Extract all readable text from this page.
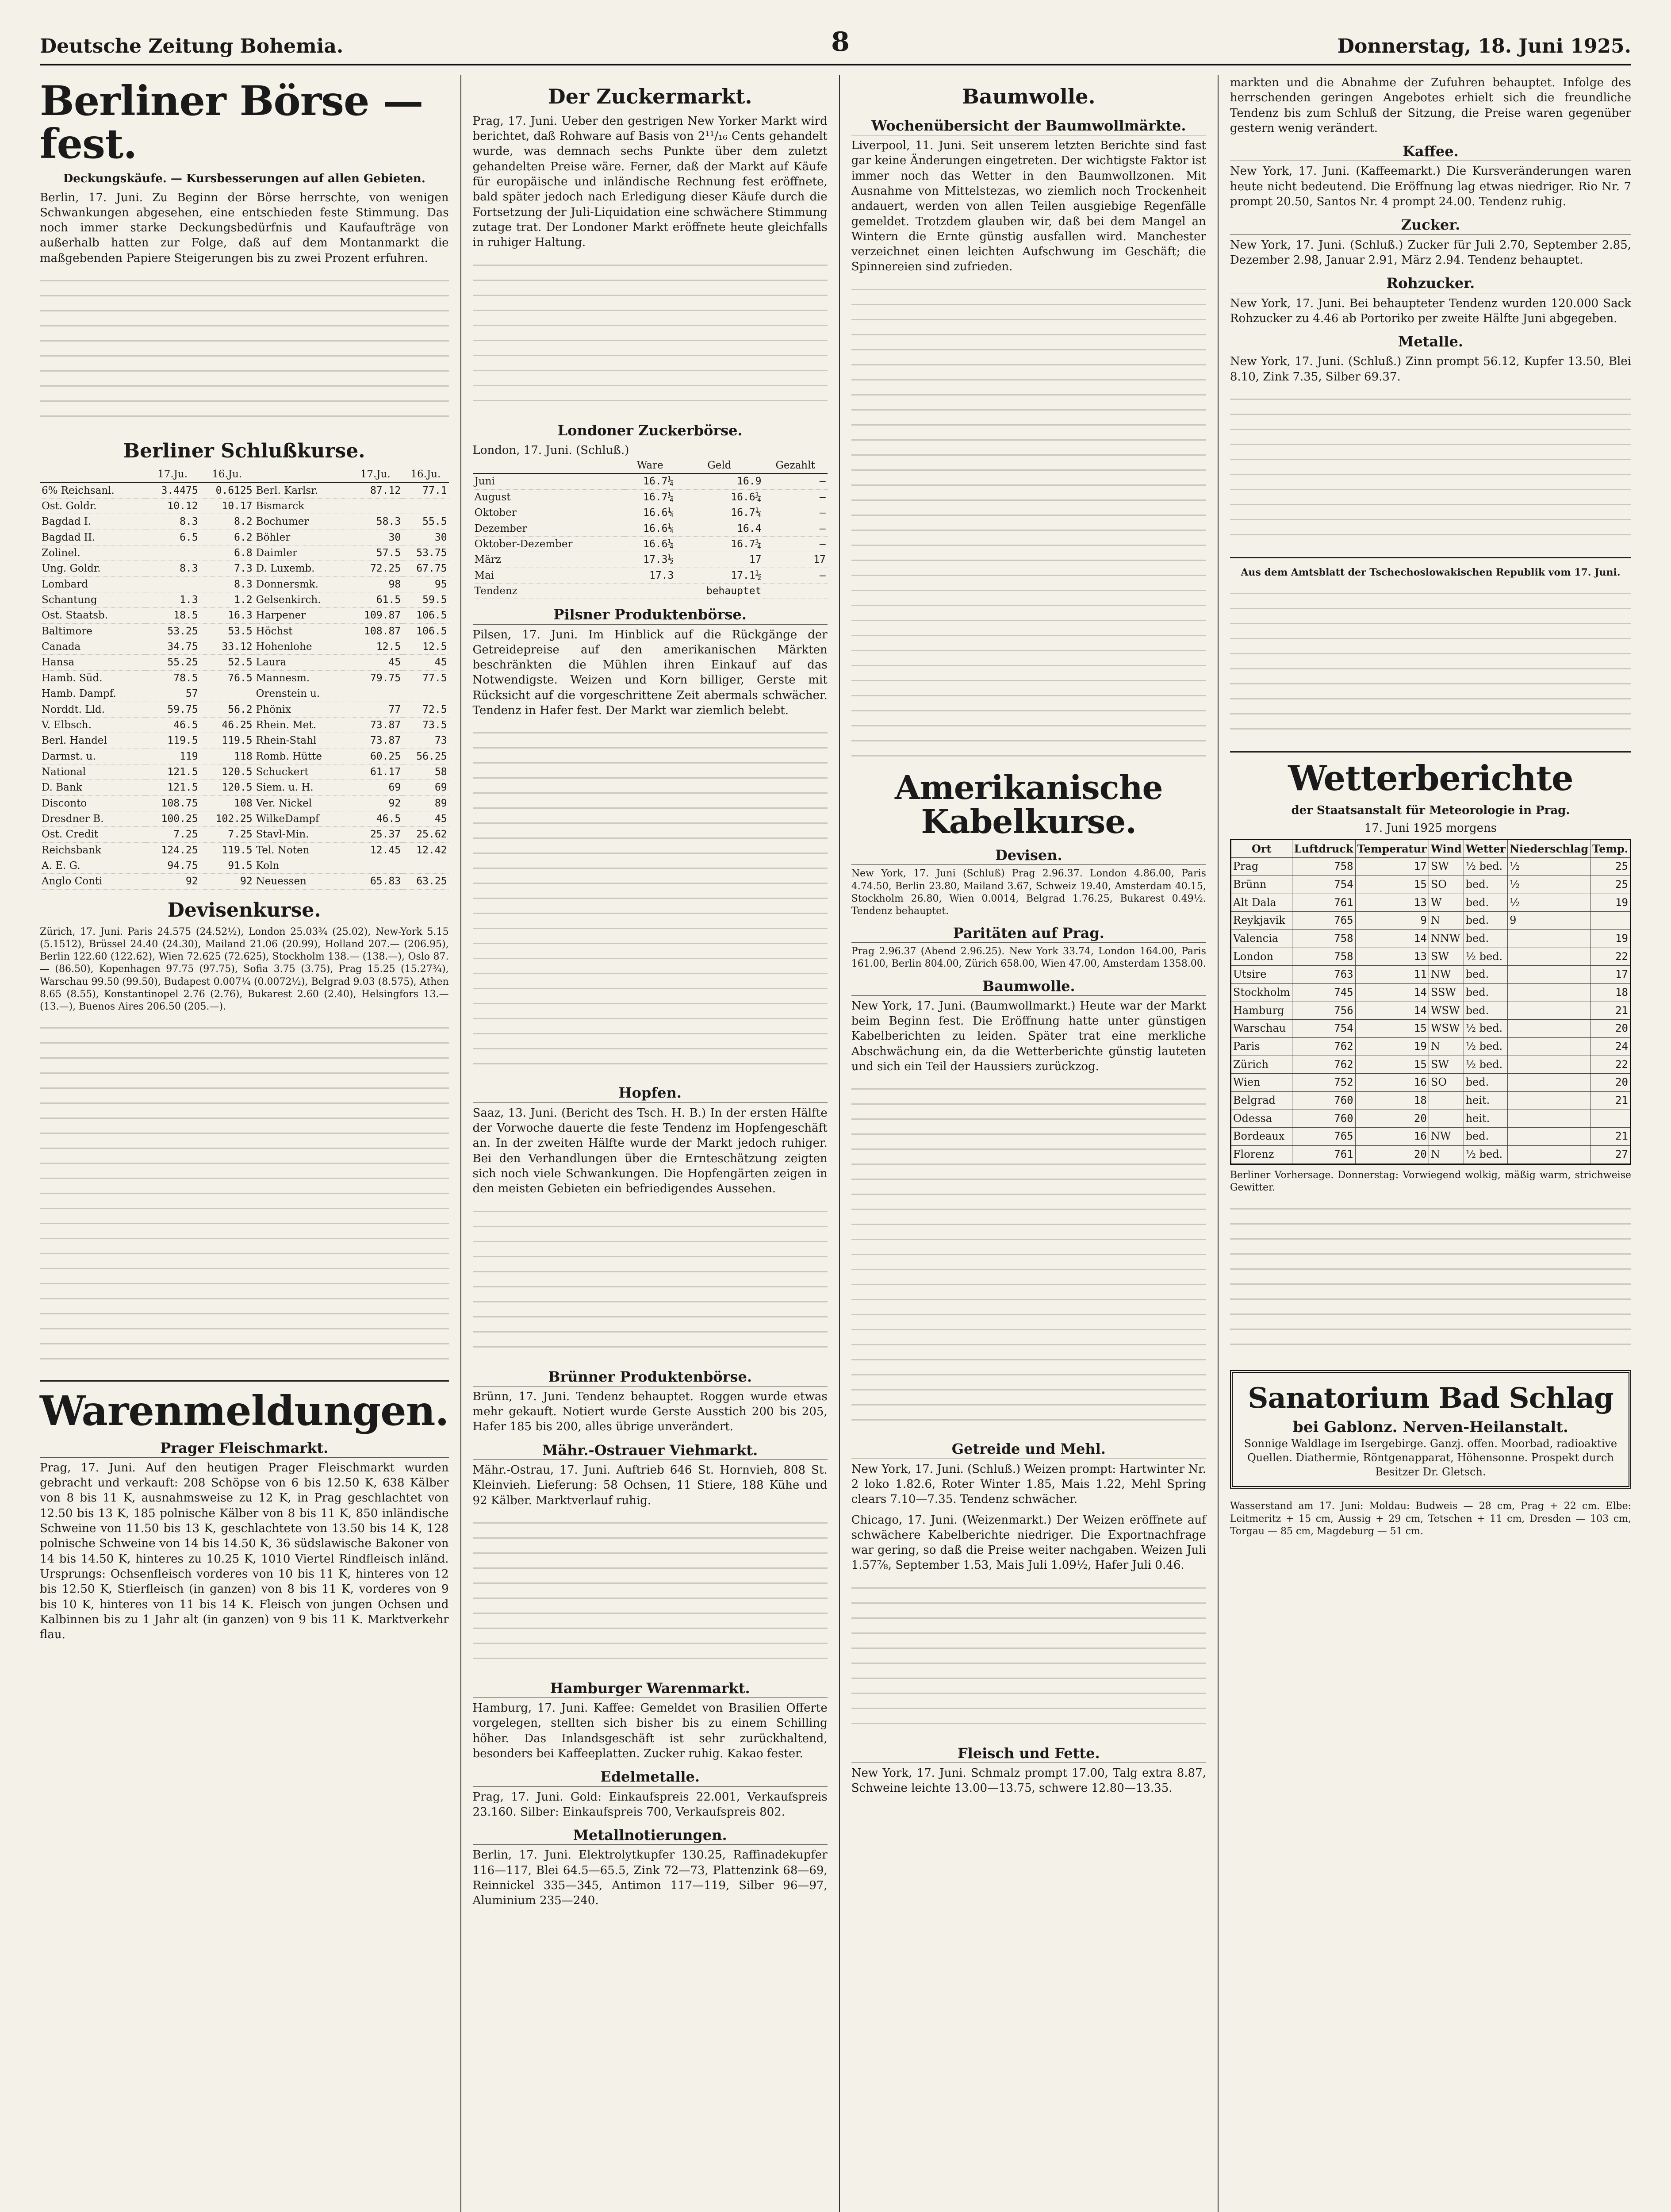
Deutsche Zeitung Bohemia.	8	Donnerstag, 18. Juni 1925.
Berliner Börse — fest.
Deckungskäufe. — Kursbesserungen auf allen Gebieten.

Berlin, 17. Juni. Zu Beginn der Börse herrschte, von wenigen Schwankungen abgesehen, eine entschieden feste Stimmung. Das noch immer starke Deckungsbedürfnis und Kaufaufträge von außerhalb hatten zur Folge, daß auf dem Montanmarkt die maßgebenden Papiere Steigerungen bis zu zwei Prozent erfuhren.

Berliner Schlußkurse.
	17.Ju.	16.Ju.		17.Ju.	16.Ju.
6% Reichsanl.	3.4475	0.6125	Berl. Karlsr.	87.12	77.1
Ost. Goldr.	10.12	10.17	Bismarck		
Bagdad I.	8.3	8.2	Bochumer	58.3	55.5
Bagdad II.	6.5	6.2	Böhler	30	30
Zolinel.		6.8	Daimler	57.5	53.75
Ung. Goldr.	8.3	7.3	D. Luxemb.	72.25	67.75
Lombard		8.3	Donnersmk.	98	95
Schantung	1.3	1.2	Gelsenkirch.	61.5	59.5
Ost. Staatsb.	18.5	16.3	Harpener	109.87	106.5
Baltimore	53.25	53.5	Höchst	108.87	106.5
Canada	34.75	33.12	Hohenlohe	12.5	12.5
Hansa	55.25	52.5	Laura	45	45
Hamb. Süd.	78.5	76.5	Mannesm.	79.75	77.5
Hamb. Dampf.	57		Orenstein u.		
Norddt. Lld.	59.75	56.2	Phönix	77	72.5
V. Elbsch.	46.5	46.25	Rhein. Met.	73.87	73.5
Berl. Handel	119.5	119.5	Rhein-Stahl	73.87	73
Darmst. u.	119	118	Romb. Hütte	60.25	56.25
National	121.5	120.5	Schuckert	61.17	58
D. Bank	121.5	120.5	Siem. u. H.	69	69
Discontо	108.75	108	Ver. Nickel	92	89
Dresdner B.	100.25	102.25	WilkeDampf	46.5	45
Ost. Credit	7.25	7.25	Stavl-Min.	25.37	25.62
Reichsbank	124.25	119.5	Tel. Noten	12.45	12.42
A. E. G.	94.75	91.5	Koln		
Anglo Conti	92	92	Neuessen	65.83	63.25
Devisenkurse.

Zürich, 17. Juni. Paris 24.575 (24.52½), London 25.03¾ (25.02), New-York 5.15 (5.1512), Brüssel 24.40 (24.30), Mailand 21.06 (20.99), Holland 207.— (206.95), Berlin 122.60 (122.62), Wien 72.625 (72.625), Stockholm 138.— (138.—), Oslo 87.— (86.50), Kopenhagen 97.75 (97.75), Sofia 3.75 (3.75), Prag 15.25 (15.27¾), Warschau 99.50 (99.50), Budapest 0.007¼ (0.0072½), Belgrad 9.03 (8.575), Athen 8.65 (8.55), Konstantinopel 2.76 (2.76), Bukarest 2.60 (2.40), Helsingfors 13.— (13.—), Buenos Aires 206.50 (205.—).

Warenmeldungen.
Prager Fleischmarkt.

Prag, 17. Juni. Auf den heutigen Prager Fleischmarkt wurden gebracht und verkauft: 208 Schöpse von 6 bis 12.50 K, 638 Kälber von 8 bis 11 K, ausnahmsweise zu 12 K, in Prag geschlachtet von 12.50 bis 13 K, 185 polnische Kälber von 8 bis 11 K, 850 inländische Schweine von 11.50 bis 13 K, geschlachtete von 13.50 bis 14 K, 128 polnische Schweine von 14 bis 14.50 K, 36 südslawische Bakoner von 14 bis 14.50 K, hinteres zu 10.25 K, 1010 Viertel Rindfleisch inländ. Ursprungs: Ochsenfleisch vorderes von 10 bis 11 K, hinteres von 12 bis 12.50 K, Stierfleisch (in ganzen) von 8 bis 11 K, vorderes von 9 bis 10 K, hinteres von 11 bis 14 K. Fleisch von jungen Ochsen und Kalbinnen bis zu 1 Jahr alt (in ganzen) von 9 bis 11 K. Marktverkehr flau.

Der Zuckermarkt.

Prag, 17. Juni. Ueber den gestrigen New Yorker Markt wird berichtet, daß Rohware auf Basis von 2¹¹/₁₆ Cents gehandelt wurde, was demnach sechs Punkte über dem zuletzt gehandelten Preise wäre. Ferner, daß der Markt auf Käufe für europäische und inländische Rechnung fest eröffnete, bald später jedoch nach Erledigung dieser Käufe durch die Fortsetzung der Juli-Liquidation eine schwächere Stimmung zutage trat. Der Londoner Markt eröffnete heute gleichfalls in ruhiger Haltung.

Londoner Zuckerbörse.
London, 17. Juni. (Schluß.)
	Ware	Geld	Gezahlt
Juni	16.7¼	16.9	—
August	16.7¼	16.6¼	—
Oktober	16.6¼	16.7¼	—
Dezember	16.6¼	16.4	—
Oktober-Dezember	16.6¼	16.7¼	—
März	17.3½	17	17
Mai	17.3	17.1½	—
Tendenz		behauptet	
Pilsner Produktenbörse.

Pilsen, 17. Juni. Im Hinblick auf die Rückgänge der Getreidepreise auf den amerikanischen Märkten beschränkten die Mühlen ihren Einkauf auf das Notwendigste. Weizen und Korn billiger, Gerste mit Rücksicht auf die vorgeschrittene Zeit abermals schwächer. Tendenz in Hafer fest. Der Markt war ziemlich belebt.

Hopfen.

Saaz, 13. Juni. (Bericht des Tsch. H. B.) In der ersten Hälfte der Vorwoche dauerte die feste Tendenz im Hopfengeschäft an. In der zweiten Hälfte wurde der Markt jedoch ruhiger. Bei den Verhandlungen über die Ernteschätzung zeigten sich noch viele Schwankungen. Die Hopfengärten zeigen in den meisten Gebieten ein befriedigendes Aussehen.

Brünner Produktenbörse.

Brünn, 17. Juni. Tendenz behauptet. Roggen wurde etwas mehr gekauft. Notiert wurde Gerste Ausstich 200 bis 205, Hafer 185 bis 200, alles übrige unverändert.

Mähr.-Ostrauer Viehmarkt.

Mähr.-Ostrau, 17. Juni. Auftrieb 646 St. Hornvieh, 808 St. Kleinvieh. Lieferung: 58 Ochsen, 11 Stiere, 188 Kühe und 92 Kälber. Marktverlauf ruhig.

Hamburger Warenmarkt.

Hamburg, 17. Juni. Kaffee: Gemeldet von Brasilien Offerte vorgelegen, stellten sich bisher bis zu einem Schilling höher. Das Inlandsgeschäft ist sehr zurückhaltend, besonders bei Kaffeeplatten. Zucker ruhig. Kakao fester.

Edelmetalle.

Prag, 17. Juni. Gold: Einkaufspreis 22.001, Verkaufspreis 23.160. Silber: Einkaufspreis 700, Verkaufspreis 802.

Metallnotierungen.

Berlin, 17. Juni. Elektrolytkupfer 130.25, Raffinadekupfer 116—117, Blei 64.5—65.5, Zink 72—73, Plattenzink 68—69, Reinnickel 335—345, Antimon 117—119, Silber 96—97, Aluminium 235—240.

Baumwolle.
Wochenübersicht der Baumwollmärkte.

Liverpool, 11. Juni. Seit unserem letzten Berichte sind fast gar keine Änderungen eingetreten. Der wichtigste Faktor ist immer noch das Wetter in den Baumwollzonen. Mit Ausnahme von Mittelstezas, wo ziemlich noch Trockenheit andauert, werden von allen Teilen ausgiebige Regenfälle gemeldet. Trotzdem glauben wir, daß bei dem Mangel an Wintern die Ernte günstig ausfallen wird. Manchester verzeichnet einen leichten Aufschwung im Geschäft; die Spinnereien sind zufrieden.

Amerikanische Kabelkurse.
Devisen.

New York, 17. Juni (Schluß) Prag 2.96.37. London 4.86.00, Paris 4.74.50, Berlin 23.80, Mailand 3.67, Schweiz 19.40, Amsterdam 40.15, Stockholm 26.80, Wien 0.0014, Belgrad 1.76.25, Bukarest 0.49½. Tendenz behauptet.

Paritäten auf Prag.

Prag 2.96.37 (Abend 2.96.25). New York 33.74, London 164.00, Paris 161.00, Berlin 804.00, Zürich 658.00, Wien 47.00, Amsterdam 1358.00.

Baumwolle.

New York, 17. Juni. (Baumwollmarkt.) Heute war der Markt beim Beginn fest. Die Eröffnung hatte unter günstigen Kabelberichten zu leiden. Später trat eine merkliche Abschwächung ein, da die Wetterberichte günstig lauteten und sich ein Teil der Haussiers zurückzog.

Getreide und Mehl.

New York, 17. Juni. (Schluß.) Weizen prompt: Hartwinter Nr. 2 loko 1.82.6, Roter Winter 1.85, Mais 1.22, Mehl Spring clears 7.10—7.35. Tendenz schwächer.

Chicago, 17. Juni. (Weizenmarkt.) Der Weizen eröffnete auf schwächere Kabelberichte niedriger. Die Exportnachfrage war gering, so daß die Preise weiter nachgaben. Weizen Juli 1.57⅞, September 1.53, Mais Juli 1.09½, Hafer Juli 0.46.

Fleisch und Fette.

New York, 17. Juni. Schmalz prompt 17.00, Talg extra 8.87, Schweine leichte 13.00—13.75, schwere 12.80—13.35.

markten und die Abnahme der Zufuhren behauptet. Infolge des herrschenden geringen Angebotes erhielt sich die freundliche Tendenz bis zum Schluß der Sitzung, die Preise waren gegenüber gestern wenig verändert.

Kaffee.

New York, 17. Juni. (Kaffeemarkt.) Die Kursveränderungen waren heute nicht bedeutend. Die Eröffnung lag etwas niedriger. Rio Nr. 7 prompt 20.50, Santos Nr. 4 prompt 24.00. Tendenz ruhig.

Zucker.

New York, 17. Juni. (Schluß.) Zucker für Juli 2.70, September 2.85, Dezember 2.98, Januar 2.91, März 2.94. Tendenz behauptet.

Rohzucker.

New York, 17. Juni. Bei behaupteter Tendenz wurden 120.000 Sack Rohzucker zu 4.46 ab Portoriko per zweite Hälfte Juni abgegeben.

Metalle.

New York, 17. Juni. (Schluß.) Zinn prompt 56.12, Kupfer 13.50, Blei 8.10, Zink 7.35, Silber 69.37.

Aus dem Amtsblatt der Tschechoslowakischen Republik vom 17. Juni.

Wetterberichte
der Staatsanstalt für Meteorologie in Prag.
17. Juni 1925 morgens
Ort	Luftdruck	Temperatur	Wind	Wetter	Niederschlag	Temp.
Prag	758	17	SW	½ bed.	½	25
Brünn	754	15	SO	bed.	½	25
Alt Dala	761	13	W	bed.	½	19
Reykjavik	765	9	N	bed.	9	
Valencia	758	14	NNW	bed.		19
London	758	13	SW	½ bed.		22
Utsire	763	11	NW	bed.		17
Stockholm	745	14	SSW	bed.		18
Hamburg	756	14	WSW	bed.		21
Warschau	754	15	WSW	½ bed.		20
Paris	762	19	N	½ bed.		24
Zürich	762	15	SW	½ bed.		22
Wien	752	16	SO	bed.		20
Belgrad	760	18		heit.		21
Odessa	760	20		heit.		
Bordeaux	765	16	NW	bed.		21
Florenz	761	20	N	½ bed.		27

Berliner Vorhersage. Donnerstag: Vorwiegend wolkig, mäßig warm, strichweise Gewitter.

Sanatorium Bad Schlag
bei Gablonz. Nerven-Heilanstalt.
Sonnige Waldlage im Isergebirge. Ganzj. offen. Moorbad, radioaktive Quellen. Diathermie, Röntgenapparat, Höhensonne. Prospekt durch Besitzer Dr. Gletsch.

Wasserstand am 17. Juni: Moldau: Budweis — 28 cm, Prag + 22 cm. Elbe: Leitmeritz + 15 cm, Aussig + 29 cm, Tetschen + 11 cm, Dresden — 103 cm, Torgau — 85 cm, Magdeburg — 51 cm.
